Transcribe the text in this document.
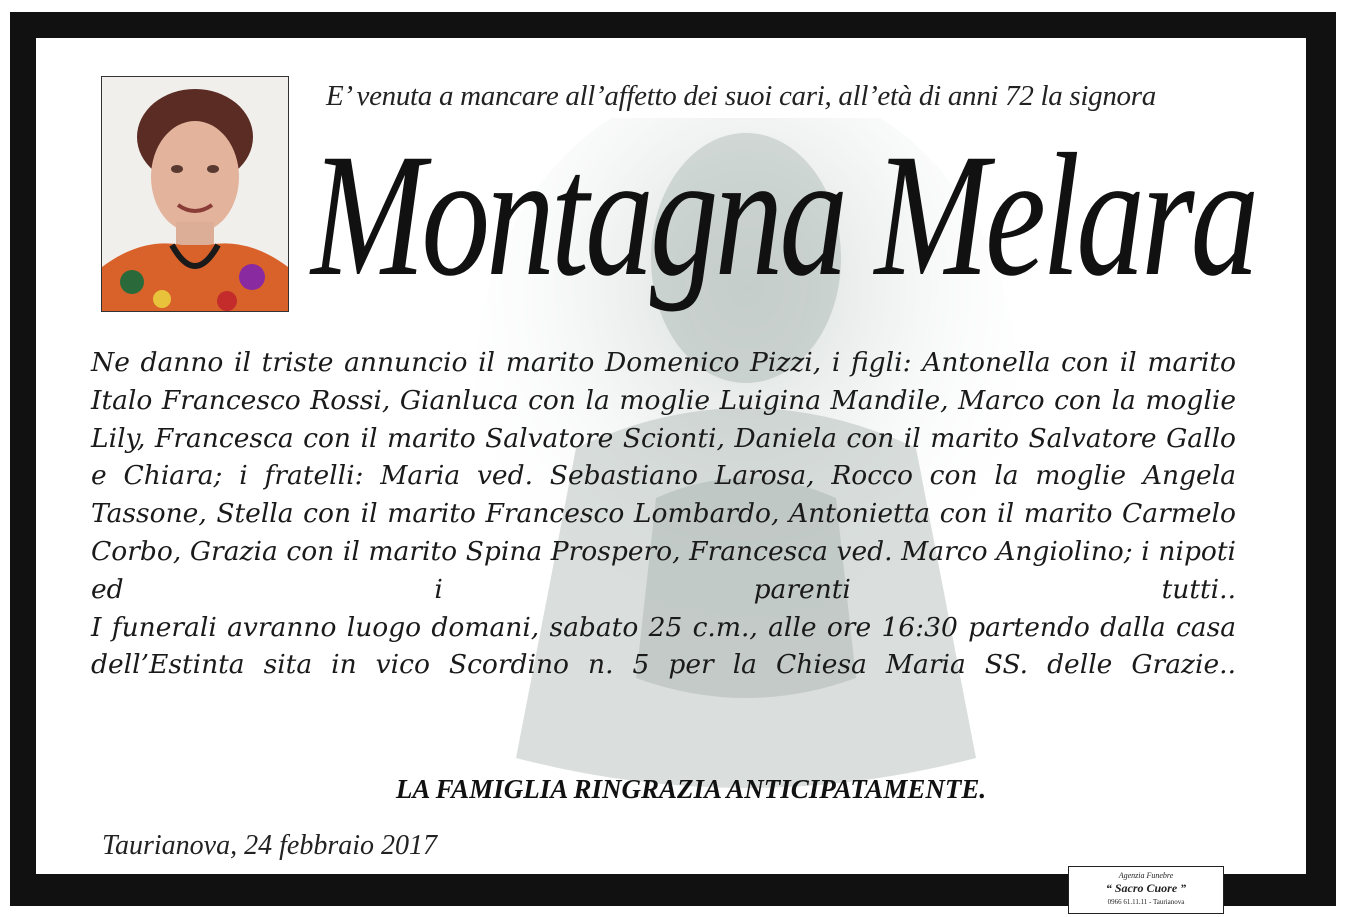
E’ venuta a mancare all’affetto dei suoi cari, all’età di anni 72 la signora
Montagna Melara

Ne danno il triste annuncio il marito Domenico Pizzi, i figli: Antonella con il marito Italo Francesco Rossi, Gianluca con la moglie Luigina Mandile, Marco con la moglie Lily, Francesca con il marito Salvatore Scionti, Daniela con il marito Salvatore Gallo e Chiara; i fratelli: Maria ved. Sebastiano Larosa, Rocco con la moglie Angela Tassone, Stella con il marito Francesco Lombardo, Antonietta con il marito Carmelo Corbo, Grazia con il marito Spina Prospero, Francesca ved. Marco Angiolino; i nipoti ed i parenti tutti. .

I funerali avranno luogo domani, sabato 25 c.m., alle ore 16:30 partendo dalla casa dell’Estinta sita in vico Scordino n. 5 per la Chiesa Maria SS. delle Grazie. .

LA FAMIGLIA RINGRAZIA ANTICIPATAMENTE.
Taurianova, 24 febbraio 2017
Agenzia Funebre
“ Sacro Cuore ”
0966 61.11.11 - Taurianova
